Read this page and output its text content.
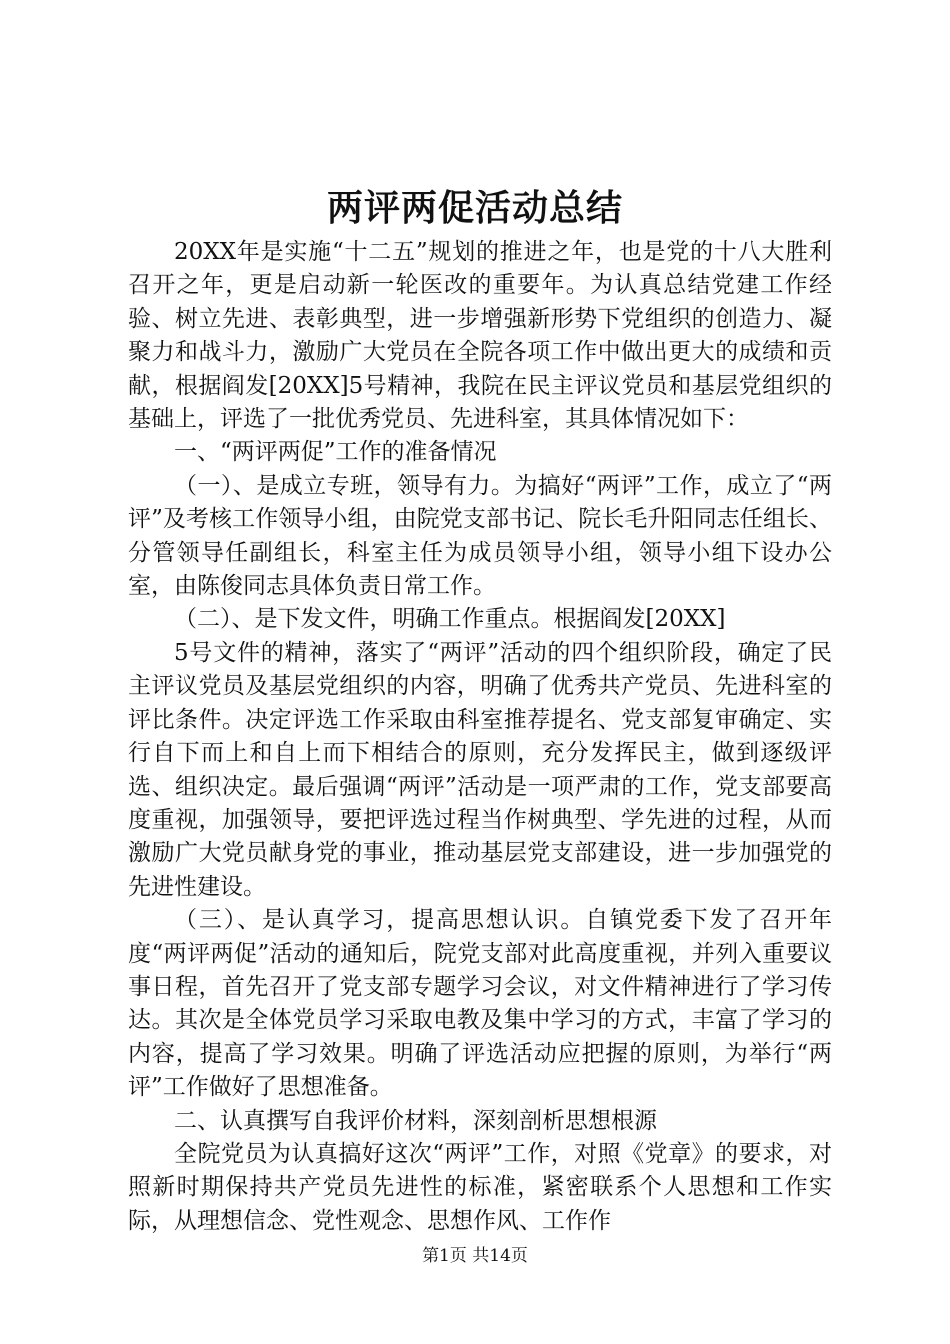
两评两促活动总结

20XX年是实施“十二五”规划的推进之年，也是党的十八大胜利召开之年，更是启动新一轮医改的重要年。为认真总结党建工作经验、树立先进、表彰典型，进一步增强新形势下党组织的创造力、凝聚力和战斗力，激励广大党员在全院各项工作中做出更大的成绩和贡献，根据阎发[20XX]5号精神，我院在民主评议党员和基层党组织的基础上，评选了一批优秀党员、先进科室，其具体情况如下：

一、“两评两促”工作的准备情况

（一）、是成立专班，领导有力。为搞好“两评”工作，成立了“两评”及考核工作领导小组，由院党支部书记、院长毛升阳同志任组长、分管领导任副组长，科室主任为成员领导小组，领导小组下设办公室，由陈俊同志具体负责日常工作。

（二）、是下发文件，明确工作重点。根据阎发[20XX]

5号文件的精神，落实了“两评”活动的四个组织阶段，确定了民主评议党员及基层党组织的内容，明确了优秀共产党员、先进科室的评比条件。决定评选工作采取由科室推荐提名、党支部复审确定、实行自下而上和自上而下相结合的原则，充分发挥民主，做到逐级评选、组织决定。最后强调“两评”活动是一项严肃的工作，党支部要高度重视，加强领导，要把评选过程当作树典型、学先进的过程，从而激励广大党员献身党的事业，推动基层党支部建设，进一步加强党的先进性建设。

（三）、是认真学习，提高思想认识。自镇党委下发了召开年度“两评两促”活动的通知后，院党支部对此高度重视，并列入重要议事日程，首先召开了党支部专题学习会议，对文件精神进行了学习传达。其次是全体党员学习采取电教及集中学习的方式，丰富了学习的内容，提高了学习效果。明确了评选活动应把握的原则，为举行“两评”工作做好了思想准备。

二、认真撰写自我评价材料，深刻剖析思想根源

全院党员为认真搞好这次“两评”工作，对照《党章》的要求，对照新时期保持共产党员先进性的标准，紧密联系个人思想和工作实际，从理想信念、党性观念、思想作风、工作作

第1页 共14页
